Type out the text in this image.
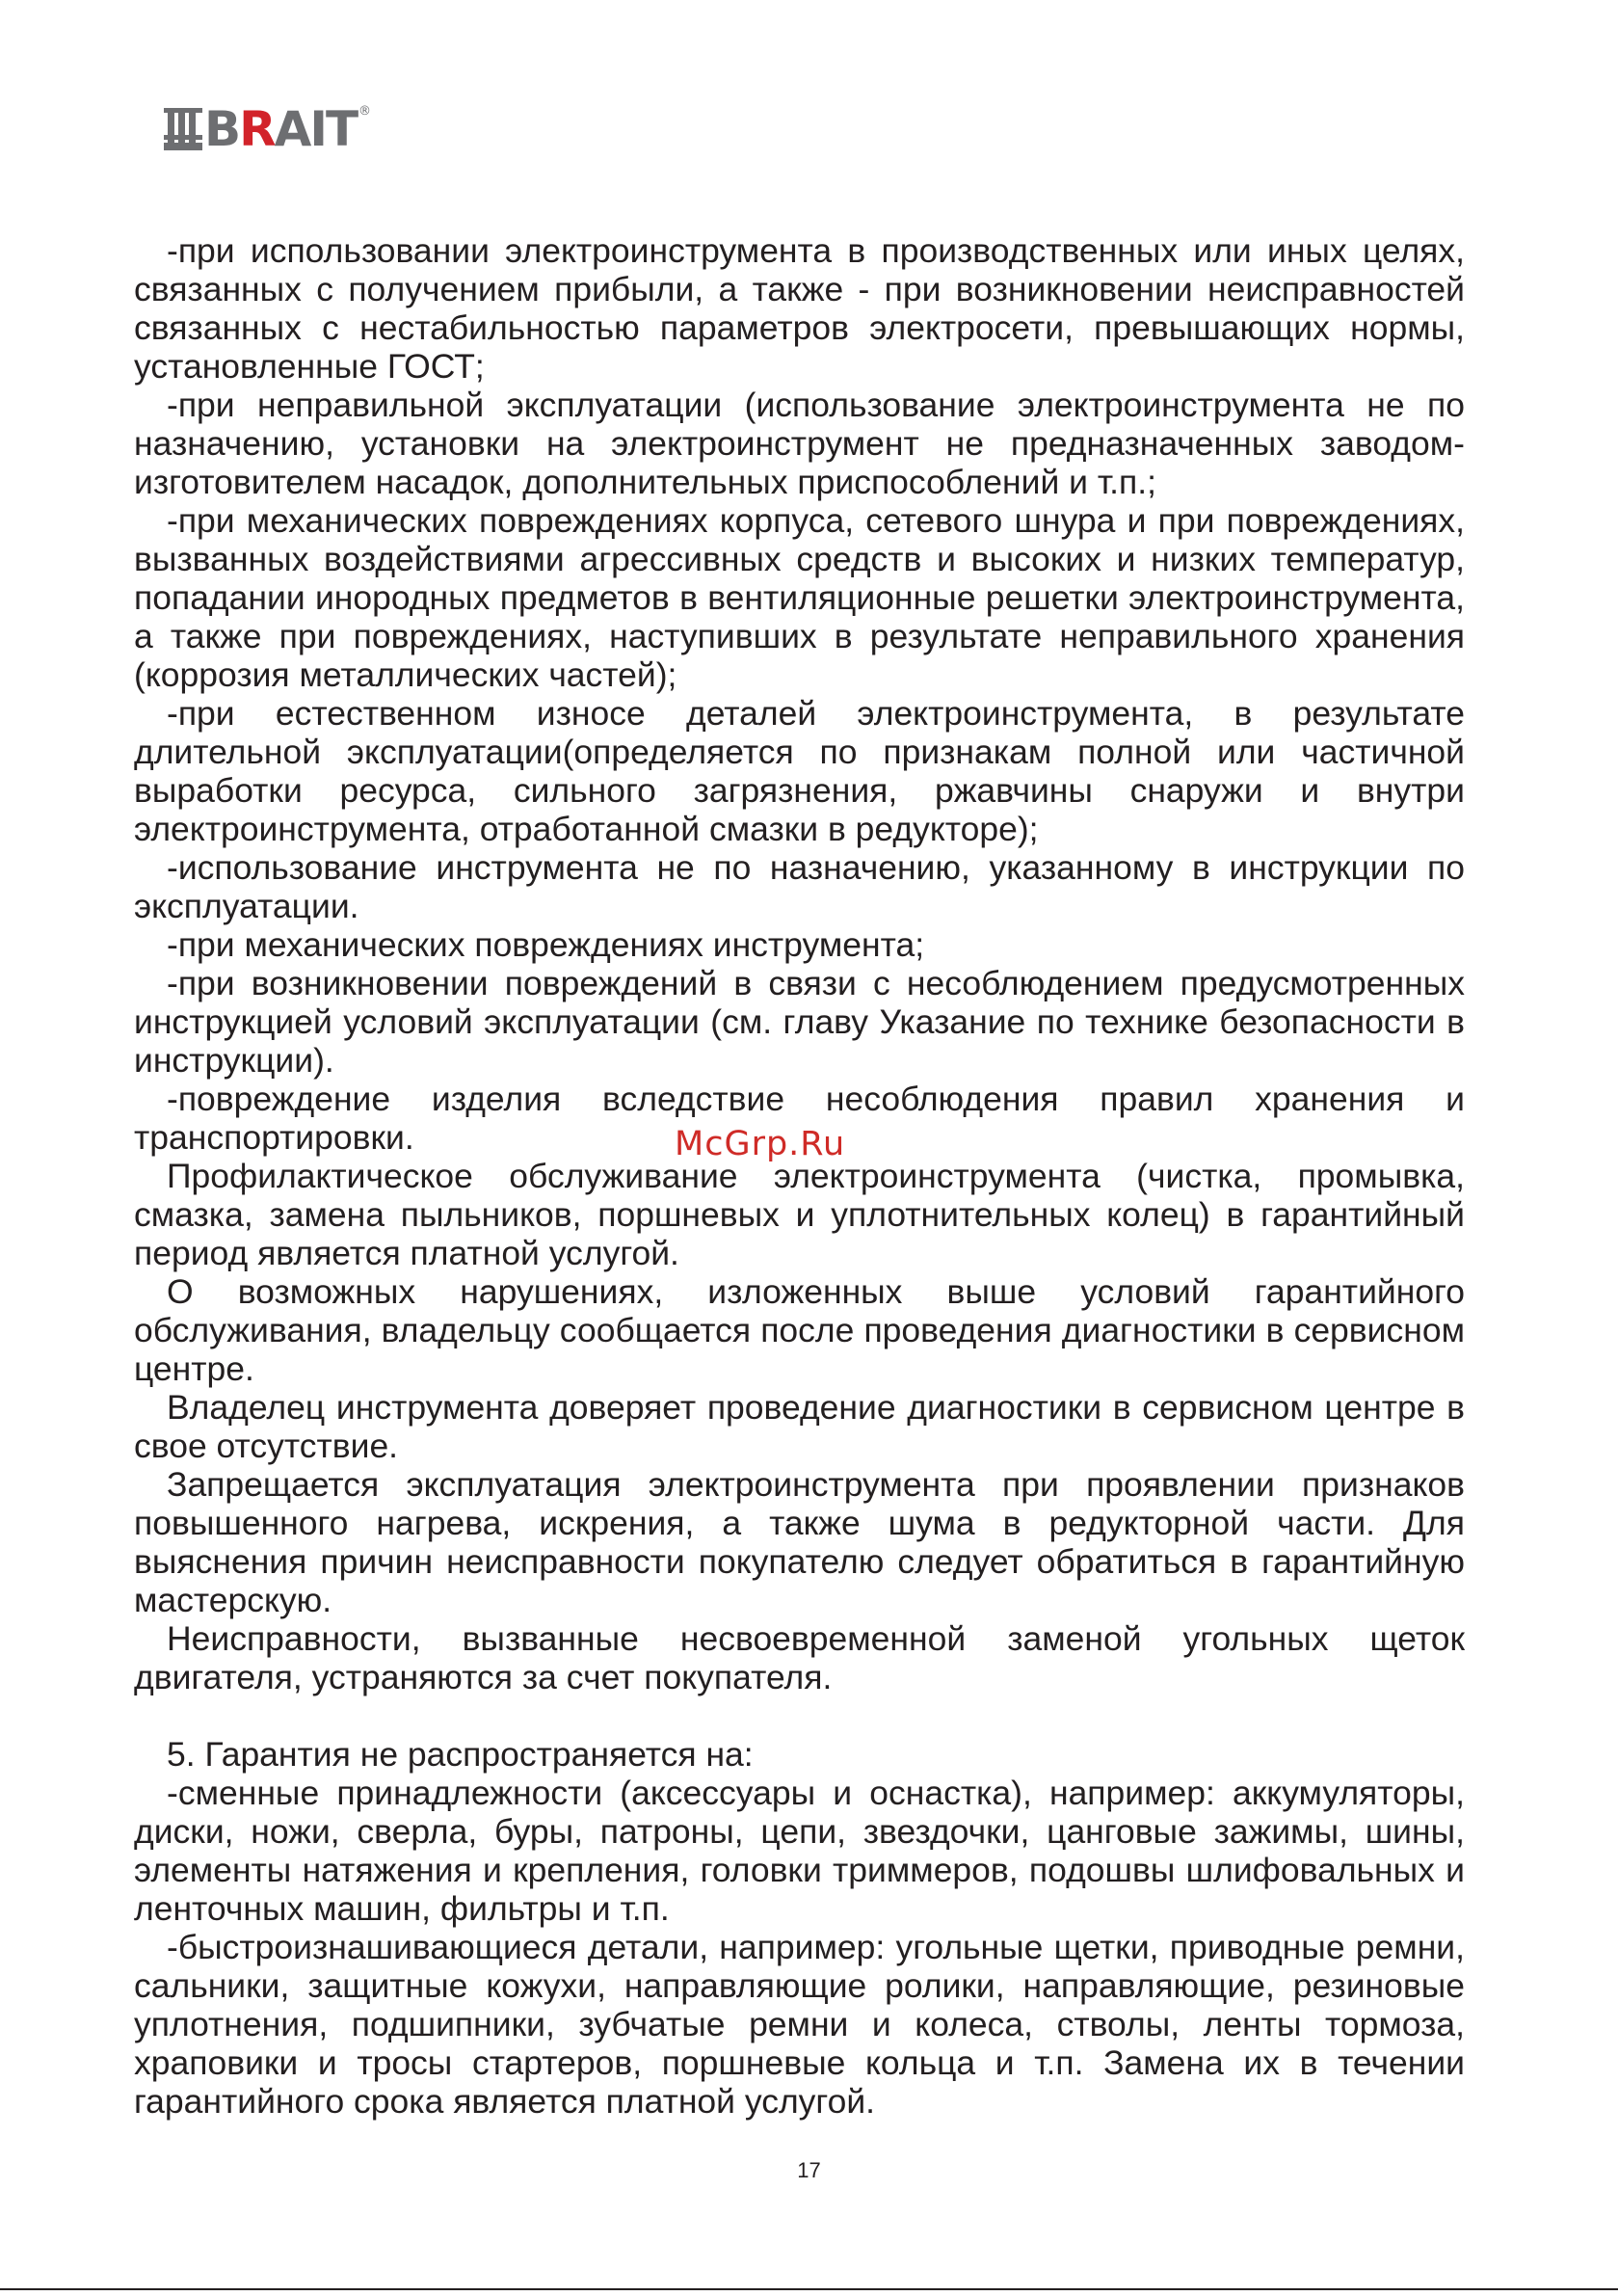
BRAIT ®

-при использовании электроинструмента в производственных или иных целях, связанных с получением прибыли, а также - при возникновении неисправностей связанных с нестабильностью параметров электросети, превышающих нормы, установленные ГОСТ;

-при неправильной эксплуатации (использование электроинструмента не по назначению, установки на электроинструмент не предназначенных заводом-изготовителем насадок, дополнительных приспособлений и т.п.;

-при механических повреждениях корпуса, сетевого шнура и при повреждениях, вызванных воздействиями агрессивных средств и высоких и низких температур, попадании инородных предметов в вентиляционные решетки электроинструмента, а также при повреждениях, наступивших в результате неправильного хранения (коррозия металлических частей);

-при естественном износе деталей электроинструмента, в результате длительной эксплуатации(определяется по признакам полной или частичной выработки ресурса, сильного загрязнения, ржавчины снаружи и внутри электроинструмента, отработанной смазки в редукторе);

-использование инструмента не по назначению, указанному в инструкции по эксплуатации.

-при механических повреждениях инструмента;

-при возникновении повреждений в связи с несоблюдением предусмотренных инструкцией условий эксплуатации (см. главу Указание по технике безопасности в инструкции).

-повреждение изделия вследствие несоблюдения правил хранения и транспортировки.

Профилактическое обслуживание электроинструмента (чистка, промывка, смазка, замена пыльников, поршневых и уплотнительных колец) в гарантийный период является платной услугой.

О возможных нарушениях, изложенных выше условий гарантийного обслуживания, владельцу сообщается после проведения диагностики в сервисном центре.

Владелец инструмента доверяет проведение диагностики в сервисном центре в свое отсутствие.

Запрещается эксплуатация электроинструмента при проявлении признаков повышенного нагрева, искрения, а также шума в редукторной части. Для выяснения причин неисправности покупателю следует обратиться в гарантийную мастерскую.

Неисправности, вызванные несвоевременной заменой угольных щеток двигателя, устраняются за счет покупателя.

5. Гарантия не распространяется на:

-сменные принадлежности (аксессуары и оснастка), например: аккумуляторы, диски, ножи, сверла, буры, патроны, цепи, звездочки, цанговые зажимы, шины, элементы натяжения и крепления, головки триммеров, подошвы шлифовальных и ленточных машин, фильтры и т.п.

-быстроизнашивающиеся детали, например: угольные щетки, приводные ремни, сальники, защитные кожухи, направляющие ролики, направляющие, резиновые уплотнения, подшипники, зубчатые ремни и колеса, стволы, ленты тормоза, храповики и тросы стартеров, поршневые кольца и т.п. Замена их в течении гарантийного срока является платной услугой.

McGrp.Ru
17
